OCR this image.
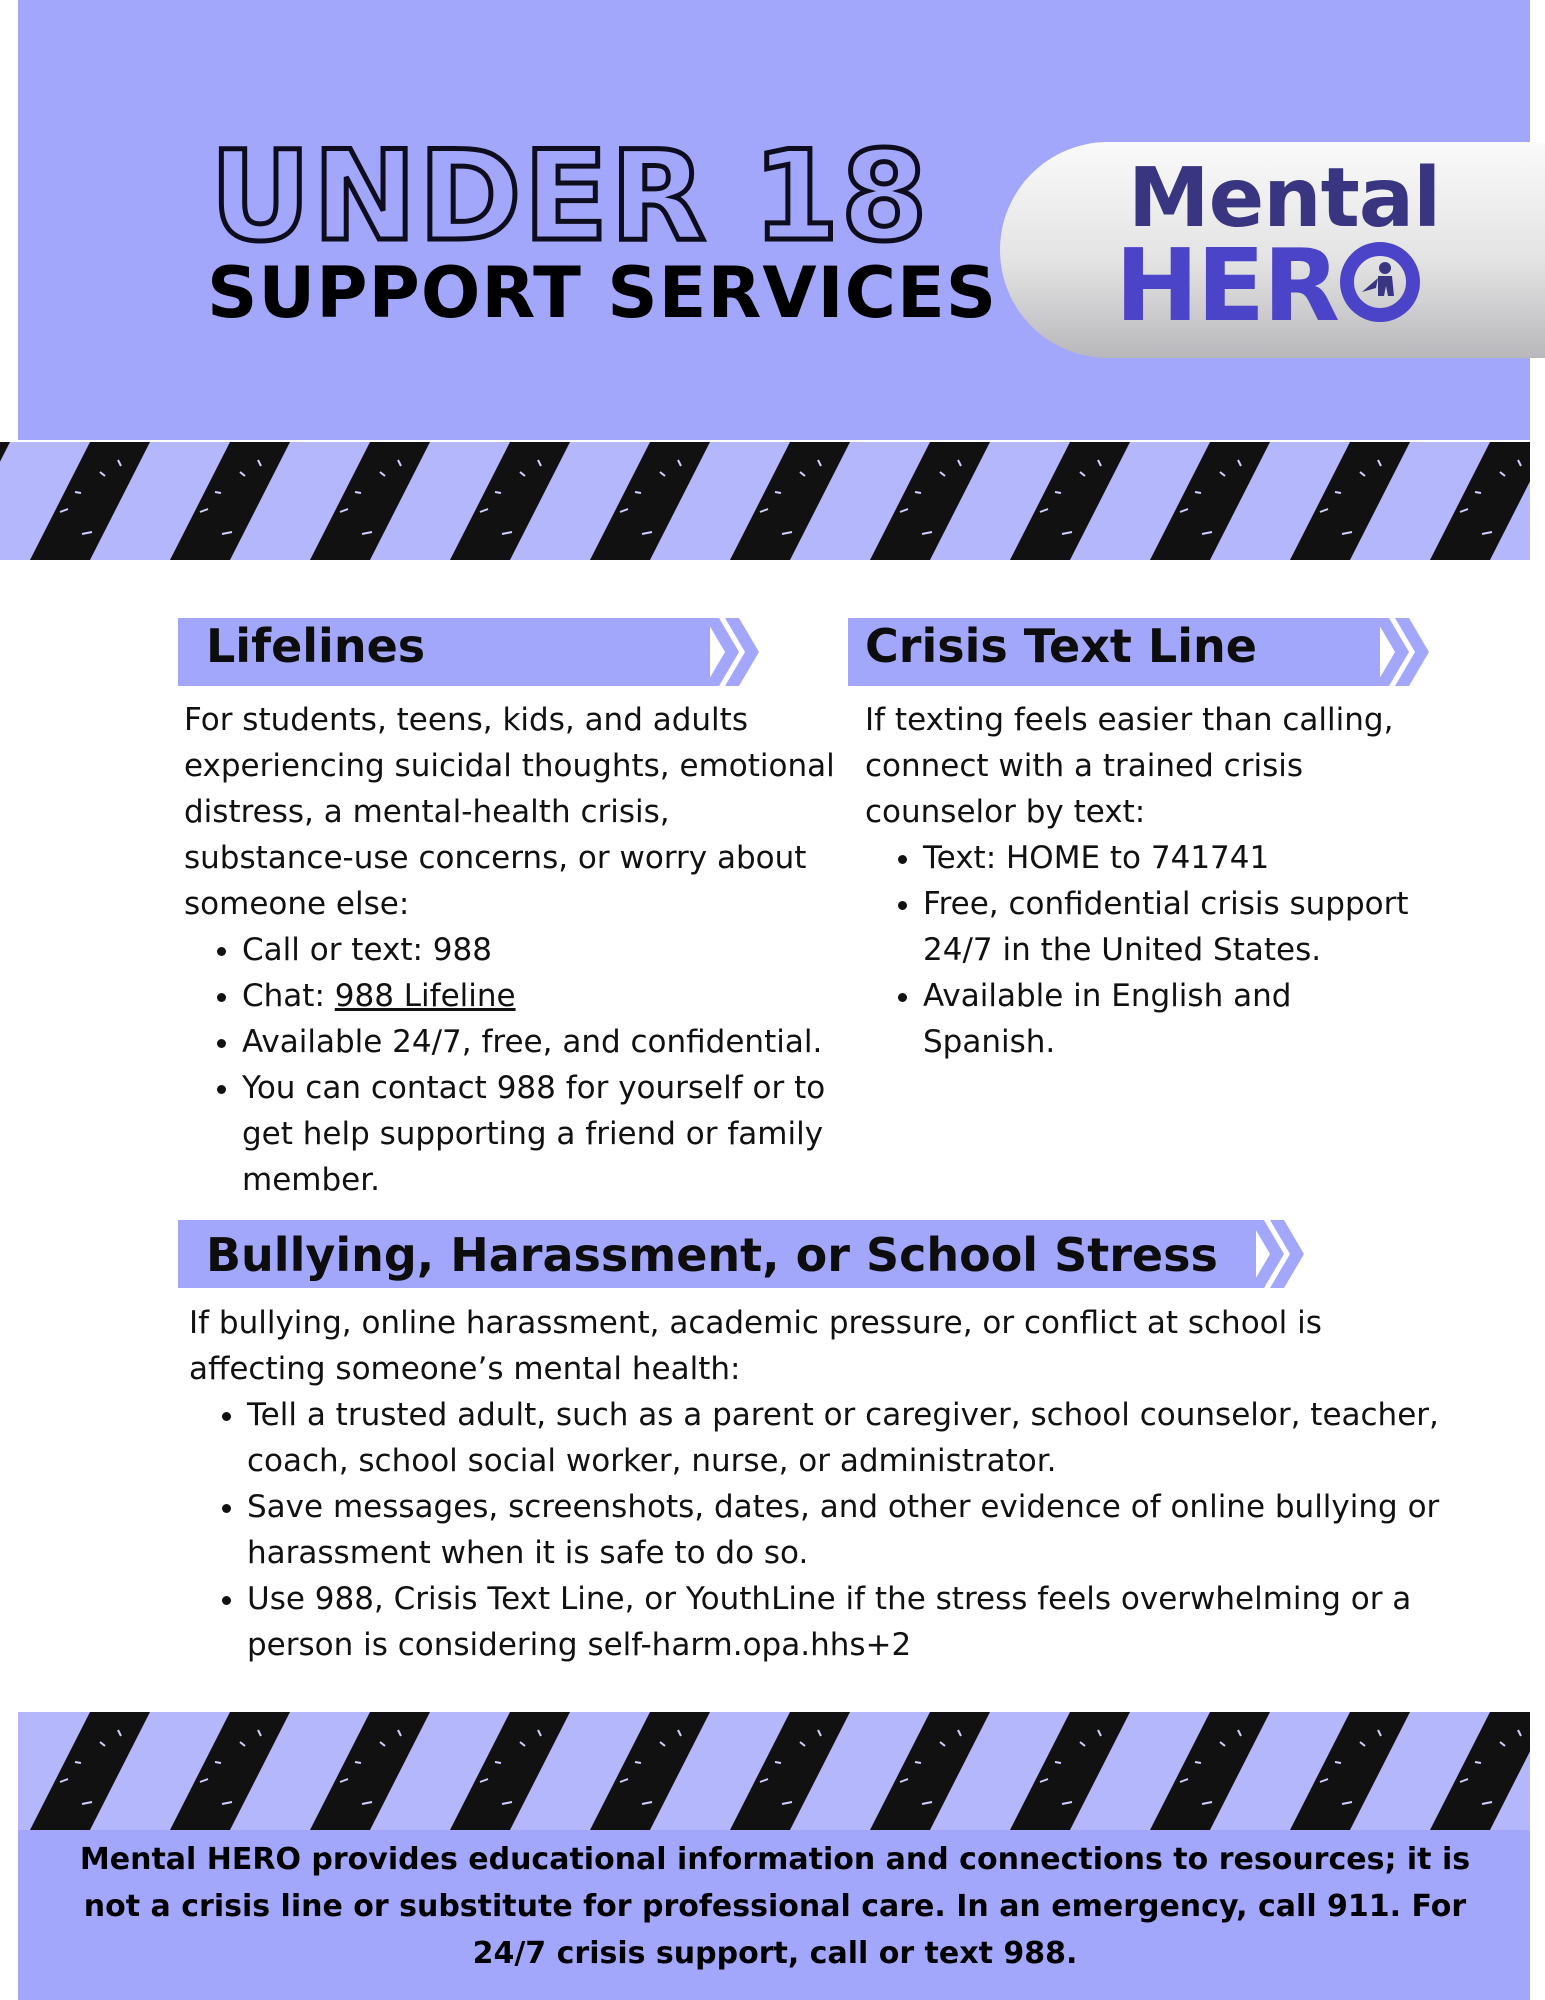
UNDER 18
SUPPORT SERVICES
Mental
HER
Lifelines

For students, teens, kids, and adults experiencing suicidal thoughts, emotional distress, a mental-health crisis, substance-use concerns, or worry about someone else:

• Call or text: 988
• Chat: 988 Lifeline
• Available 24/7, free, and confidential.
• You can contact 988 for yourself or to get help supporting a friend or family member.
Crisis Text Line

If texting feels easier than calling, connect with a trained crisis counselor by text:

• Text: HOME to 741741
• Free, confidential crisis support 24/7 in the United States.
• Available in English and Spanish.
Bullying, Harassment, or School Stress

If bullying, online harassment, academic pressure, or conflict at school is affecting someone’s mental health:

• Tell a trusted adult, such as a parent or caregiver, school counselor, teacher, coach, school social worker, nurse, or administrator.
• Save messages, screenshots, dates, and other evidence of online bullying or harassment when it is safe to do so.
• Use 988, Crisis Text Line, or YouthLine if the stress feels overwhelming or a person is considering self-harm.opa.hhs+2
Mental HERO provides educational information and connections to resources; it is not a crisis line or substitute for professional care. In an emergency, call 911. For 24/7 crisis support, call or text 988.
